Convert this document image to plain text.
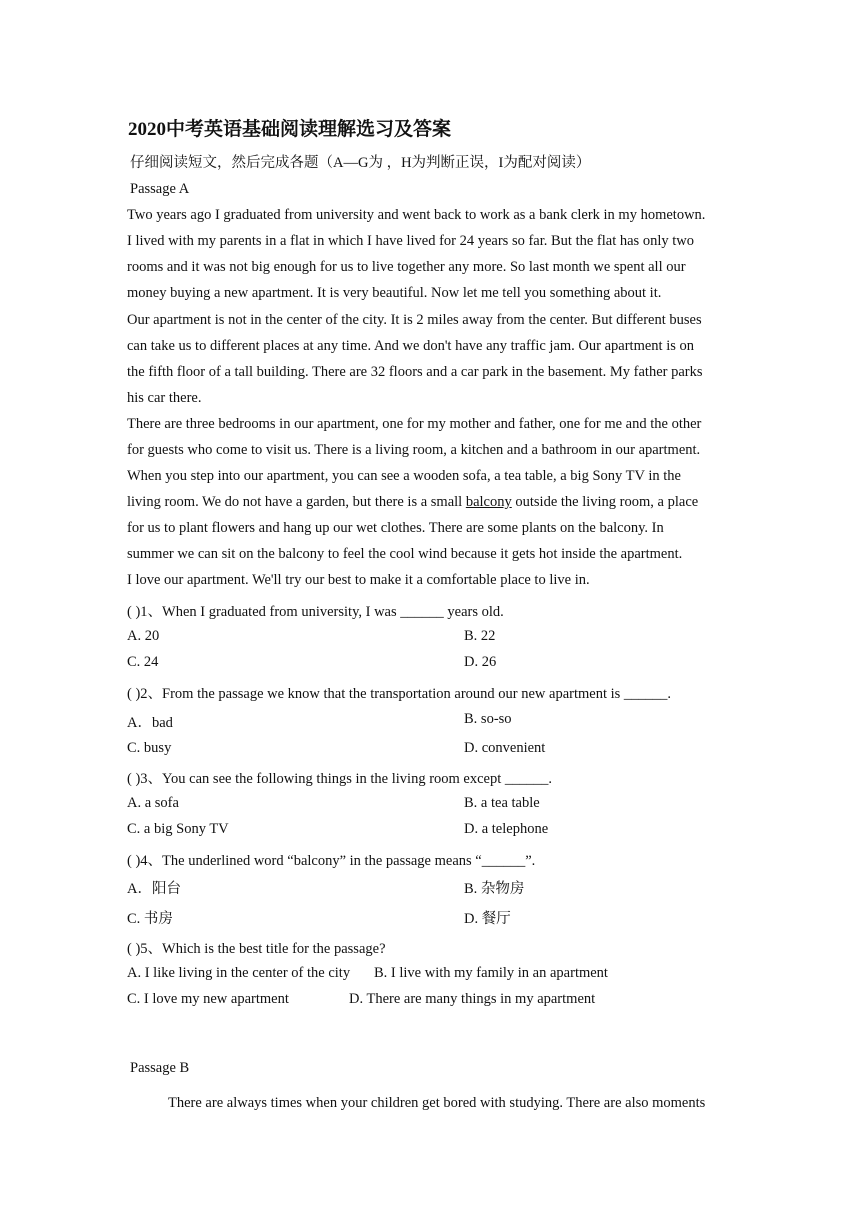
2020中考英语基础阅读理解选习及答案
仔细阅读短文，然后完成各题（A—G为 ，H为判断正误，I为配对阅读）
Passage A
Two years ago I graduated from university and went back to work as a bank clerk in my hometown.
I lived with my parents in a flat in which I have lived for 24 years so far. But the flat has only two
rooms and it was not big enough for us to live together any more. So last month we spent all our
money buying a new apartment. It is very beautiful. Now let me tell you something about it.
Our apartment is not in the center of the city. It is 2 miles away from the center. But different buses
can take us to different places at any time. And we don't have any traffic jam. Our apartment is on
the fifth floor of a tall building. There are 32 floors and a car park in the basement. My father parks
his car there.
There are three bedrooms in our apartment, one for my mother and father, one for me and the other
for guests who come to visit us. There is a living room, a kitchen and a bathroom in our apartment.
When you step into our apartment, you can see a wooden sofa, a tea table, a big Sony TV in the
living room. We do not have a garden, but there is a small balcony outside the living room, a place
for us to plant flowers and hang up our wet clothes. There are some plants on the balcony. In
summer we can sit on the balcony to feel the cool wind because it gets hot inside the apartment.
I love our apartment. We'll try our best to make it a comfortable place to live in.
( )1、When I graduated from university, I was ______ years old.
A. 20	B. 22
C. 24	D. 26
( )2、From the passage we know that the transportation around our new apartment is ______.
A．bad	B. so-so
C. busy	D. convenient
( )3、You can see the following things in the living room except ______.
A. a sofa	B. a tea table
C. a big Sony TV	D. a telephone
( )4、The underlined word “balcony” in the passage means “______”.
A．阳台	B. 杂物房
C. 书房	D. 餐厅
( )5、Which is the best title for the passage?
A. I like living in the center of the city B. I live with my family in an apartment
C. I love my new apartment	D. There are many things in my apartment
Passage B
There are always times when your children get bored with studying. There are also moments
